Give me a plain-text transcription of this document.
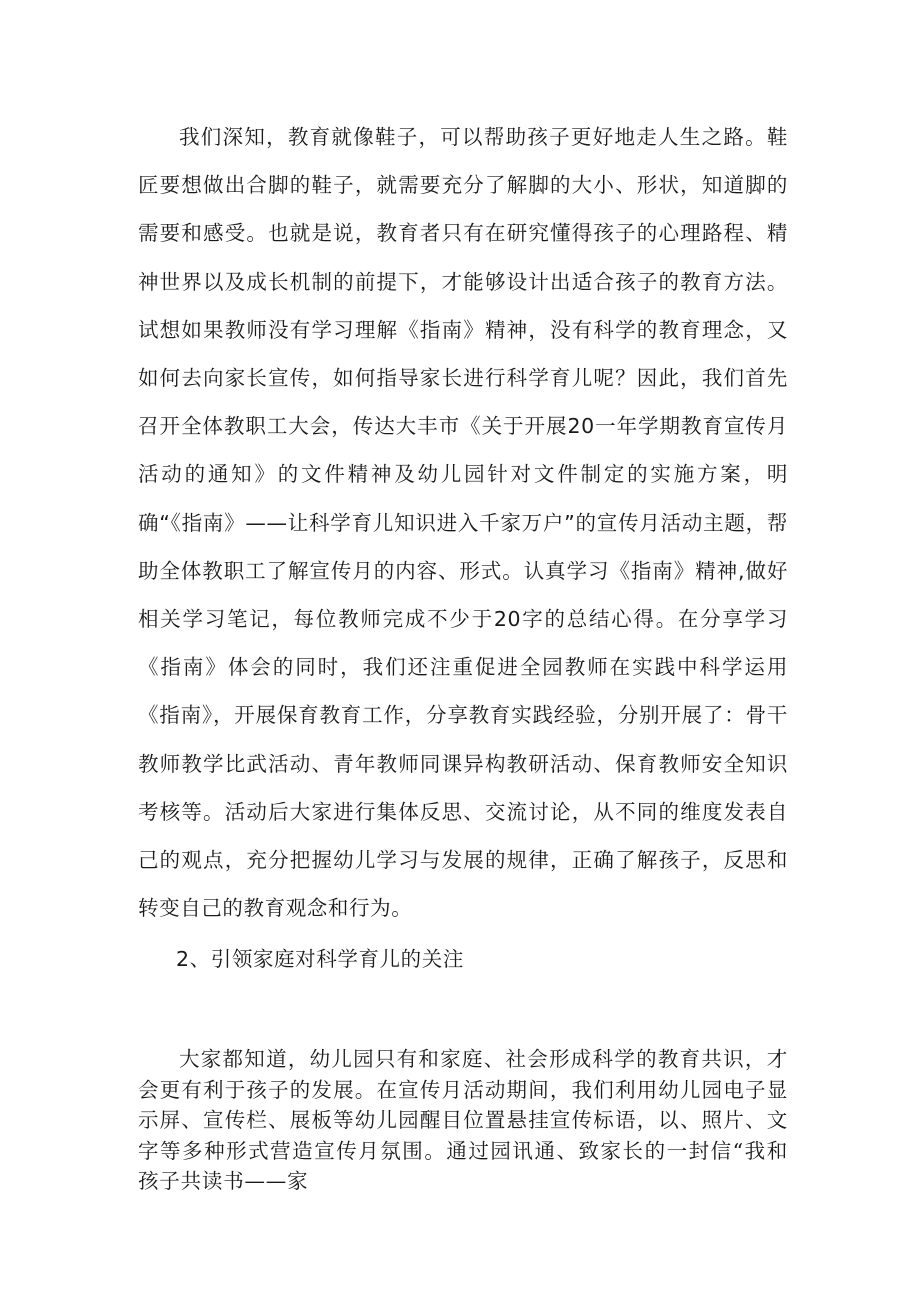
我们深知，教育就像鞋子，可以帮助孩子更好地走人生之路。鞋匠要想做出合脚的鞋子，就需要充分了解脚的大小、形状，知道脚的需要和感受。也就是说，教育者只有在研究懂得孩子的心理路程、精神世界以及成长机制的前提下，才能够设计出适合孩子的教育方法。试想如果教师没有学习理解《指南》精神，没有科学的教育理念，又如何去向家长宣传，如何指导家长进行科学育儿呢？因此，我们首先召开全体教职工大会，传达大丰市《关于开展20一年学期教育宣传月活动的通知》的文件精神及幼儿园针对文件制定的实施方案，明确“《指南》——让科学育儿知识进入千家万户”的宣传月活动主题，帮助全体教职工了解宣传月的内容、形式。认真学习《指南》精神,做好相关学习笔记，每位教师完成不少于20字的总结心得。在分享学习《指南》体会的同时，我们还注重促进全园教师在实践中科学运用《指南》，开展保育教育工作，分享教育实践经验，分别开展了：骨干教师教学比武活动、青年教师同课异构教研活动、保育教师安全知识考核等。活动后大家进行集体反思、交流讨论，从不同的维度发表自己的观点，充分把握幼儿学习与发展的规律，正确了解孩子，反思和转变自己的教育观念和行为。

2、引领家庭对科学育儿的关注

大家都知道，幼儿园只有和家庭、社会形成科学的教育共识，才会更有利于孩子的发展。在宣传月活动期间，我们利用幼儿园电子显示屏、宣传栏、展板等幼儿园醒目位置悬挂宣传标语，以、照片、文字等多种形式营造宣传月氛围。通过园讯通、致家长的一封信“我和孩子共读书——家
